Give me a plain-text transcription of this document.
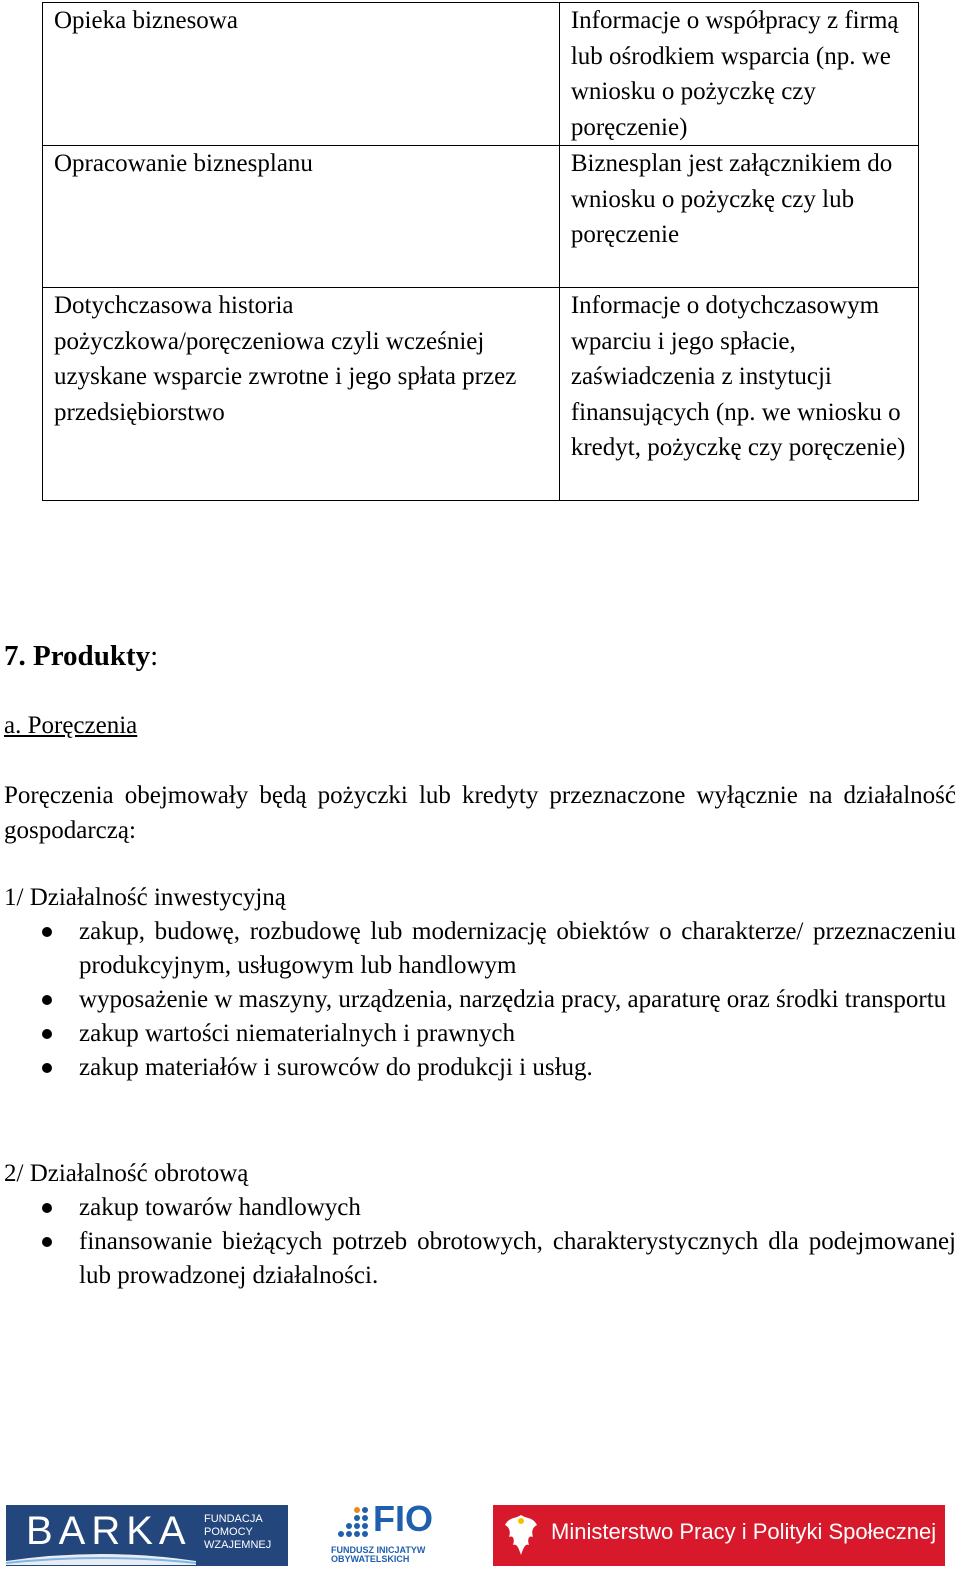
Opieka biznesowa	Informacje o współpracy z firmą lub ośrodkiem wsparcia (np. we wniosku o pożyczkę czy poręczenie)
Opracowanie biznesplanu	Biznesplan jest załącznikiem do wniosku o pożyczkę czy lub poręczenie
Dotychczasowa historia pożyczkowa/poręczeniowa czyli wcześniej uzyskane wsparcie zwrotne i jego spłata przez przedsiębiorstwo	Informacje o dotychczasowym wparciu i jego spłacie, zaświadczenia z instytucji finansujących (np. we wniosku o kredyt, pożyczkę czy poręczenie)
7. Produkty:
a. Poręczenia
Poręczenia obejmowały będą pożyczki lub kredyty przeznaczone wyłącznie na działalność gospodarczą:
1/ Działalność inwestycyjną
zakup, budowę, rozbudowę lub modernizację obiektów o charakterze/ przeznaczeniu produkcyjnym, usługowym lub handlowym
wyposażenie w maszyny, urządzenia, narzędzia pracy, aparaturę oraz środki transportu
zakup wartości niematerialnych i prawnych
zakup materiałów i surowców do produkcji i usług.
2/ Działalność obrotową
zakup towarów handlowych
finansowanie bieżących potrzeb obrotowych, charakterystycznych dla podejmowanej lub prowadzonej działalności.
BARKA FUNDACJA POMOCY WZAJEMNEJ
FIO
FUNDUSZ INICJATYW OBYWATELSKICH
Ministerstwo Pracy i Polityki Społecznej
